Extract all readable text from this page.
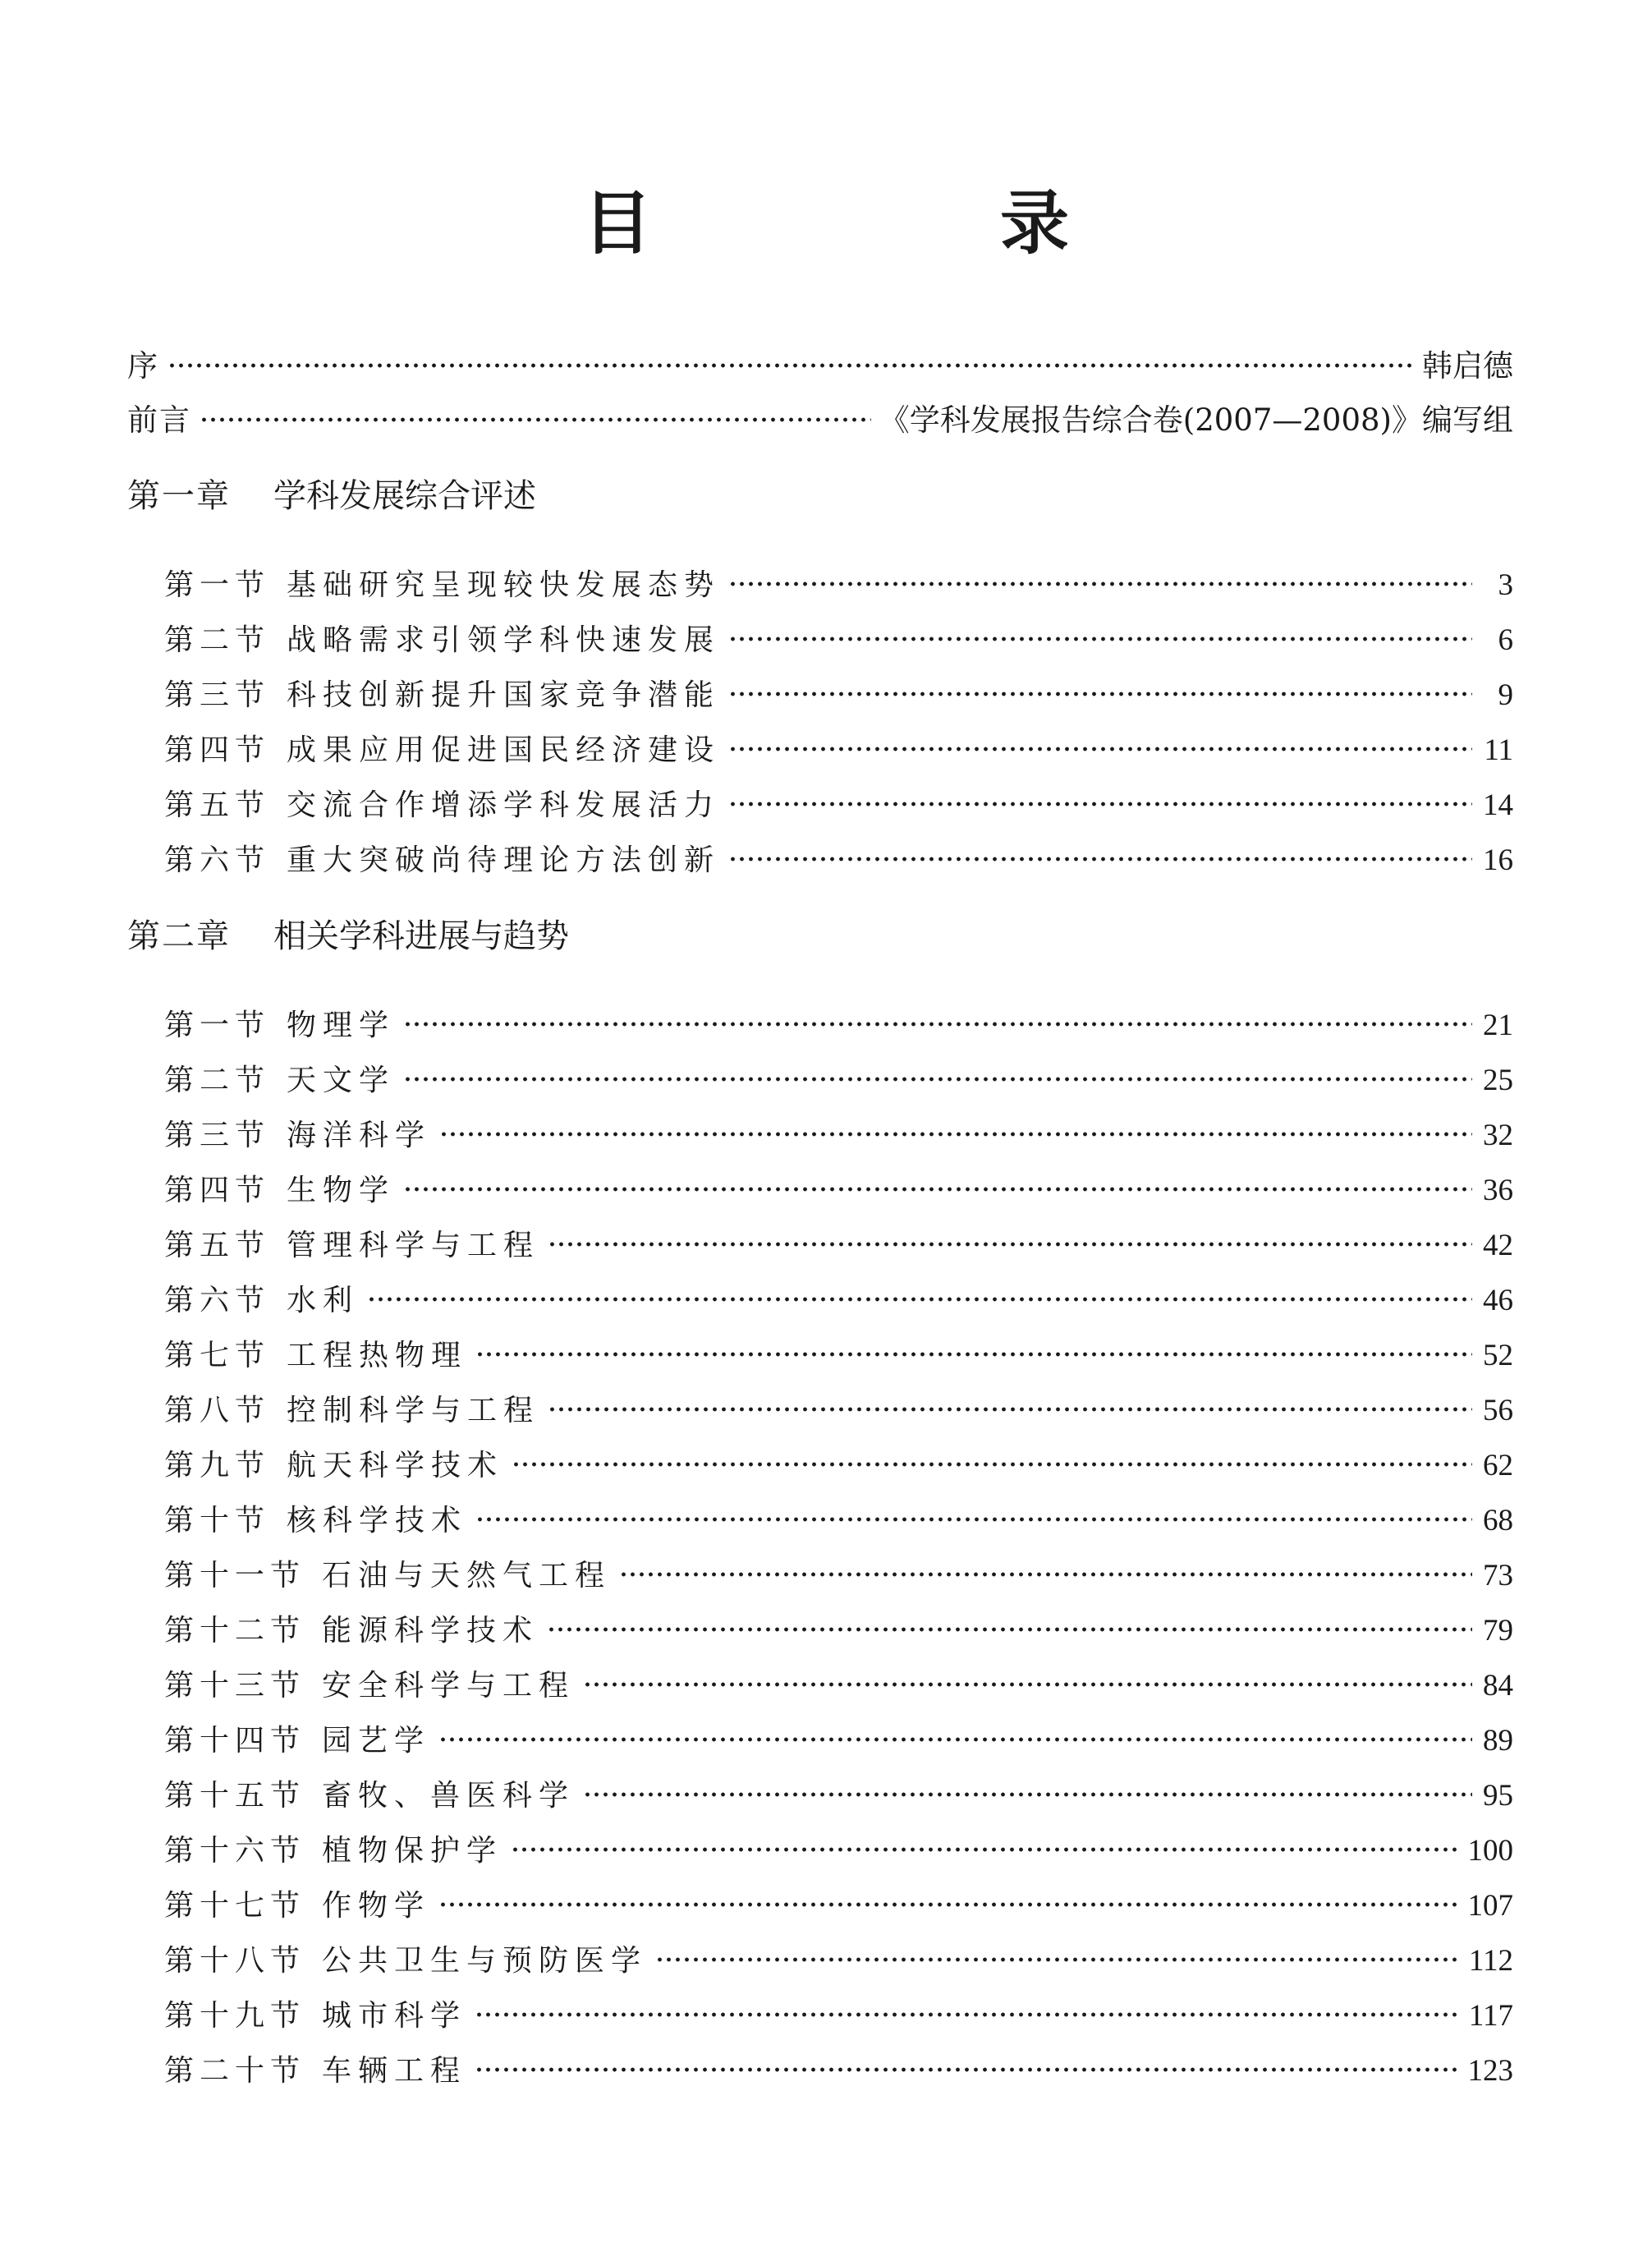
目　录
序	韩启德
前言	《学科发展报告综合卷(2007—2008)》编写组
第一章 学科发展综合评述
第一节 基础研究呈现较快发展态势	3
第二节 战略需求引领学科快速发展	6
第三节 科技创新提升国家竞争潜能	9
第四节 成果应用促进国民经济建设	11
第五节 交流合作增添学科发展活力	14
第六节 重大突破尚待理论方法创新	16
第二章 相关学科进展与趋势
第一节 物理学	21
第二节 天文学	25
第三节 海洋科学	32
第四节 生物学	36
第五节 管理科学与工程	42
第六节 水利	46
第七节 工程热物理	52
第八节 控制科学与工程	56
第九节 航天科学技术	62
第十节 核科学技术	68
第十一节 石油与天然气工程	73
第十二节 能源科学技术	79
第十三节 安全科学与工程	84
第十四节 园艺学	89
第十五节 畜牧、兽医科学	95
第十六节 植物保护学	100
第十七节 作物学	107
第十八节 公共卫生与预防医学	112
第十九节 城市科学	117
第二十节 车辆工程	123
